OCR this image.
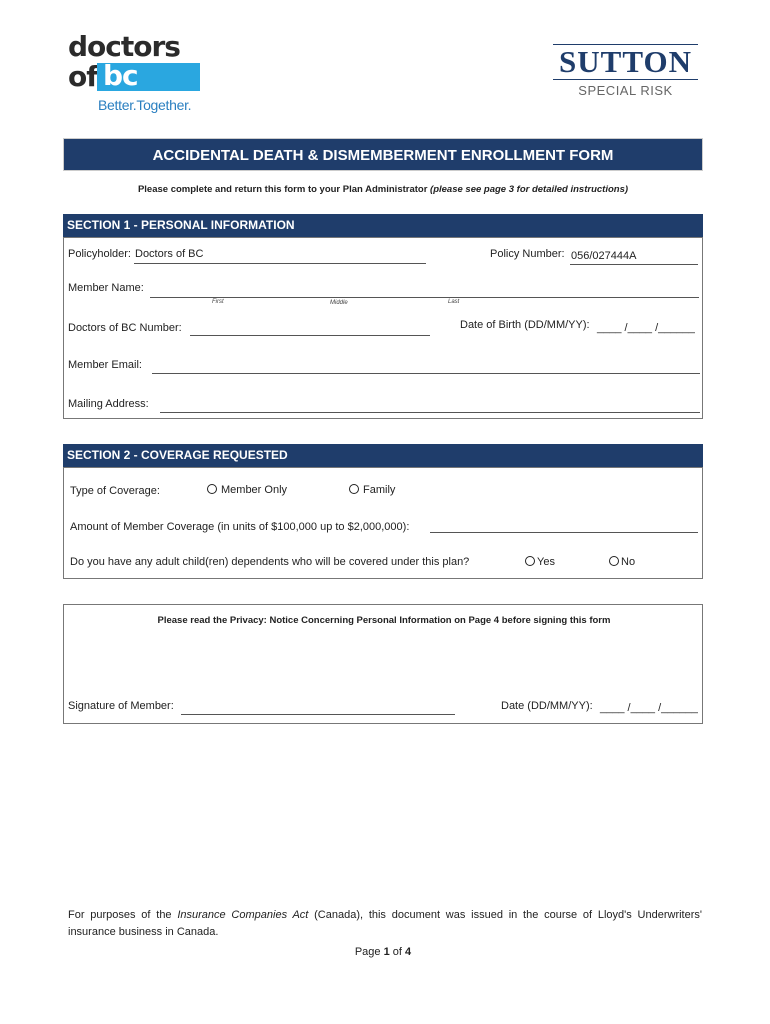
doctors
of bc
Better.Together.
SUTTON
SPECIAL RISK
ACCIDENTAL DEATH & DISMEMBERMENT ENROLLMENT FORM
Please complete and return this form to your Plan Administrator (please see page 3 for detailed instructions)
SECTION 1 - PERSONAL INFORMATION
Policyholder: Doctors of BC	Policy Number: 056/027444A
Member Name:
First	Middle	Last
Doctors of BC Number:	Date of Birth (DD/MM/YY): ____ /____ /______
Member Email:
Mailing Address:
SECTION 2 - COVERAGE REQUESTED
Type of Coverage:	Member Only	Family
Amount of Member Coverage (in units of $100,000 up to $2,000,000):
Do you have any adult child(ren) dependents who will be covered under this plan?	Yes	No
Please read the Privacy: Notice Concerning Personal Information on Page 4 before signing this form
Signature of Member:	Date (DD/MM/YY): ____ /____ /______
For purposes of the Insurance Companies Act (Canada), this document was issued in the course of Lloyd's Underwriters' insurance business in Canada.
Page 1 of 4
